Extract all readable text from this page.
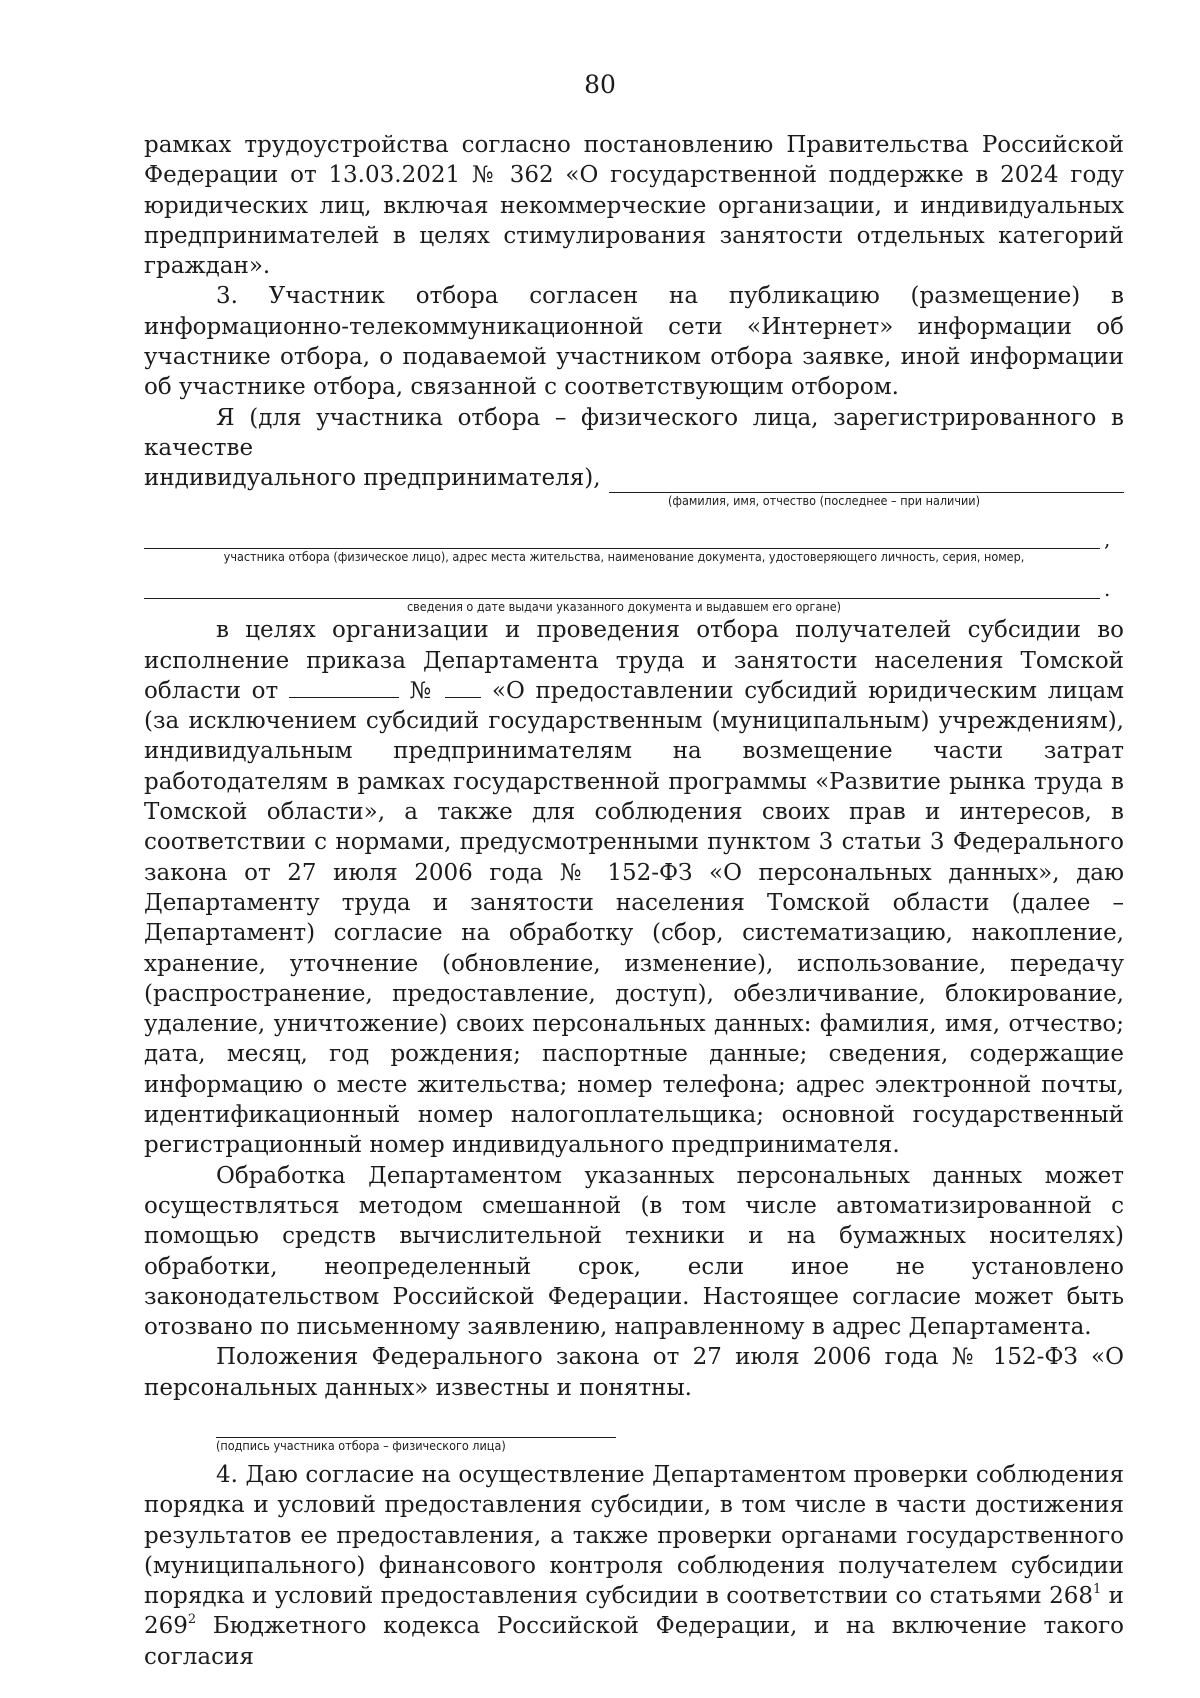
80

рамках трудоустройства согласно постановлению Правительства Российской Федерации от 13.03.2021 № 362 «О государственной поддержке в 2024 году юридических лиц, включая некоммерческие организации, и индивидуальных предпринимателей в целях стимулирования занятости отдельных категорий граждан».

3. Участник отбора согласен на публикацию (размещение) в информационно-телекоммуникационной сети «Интернет» информации об участнике отбора, о подаваемой участником отбора заявке, иной информации об участнике отбора, связанной с соответствующим отбором.

Я (для участника отбора – физического лица, зарегистрированного в качестве

индивидуального предпринимателя),
(фамилия, имя, отчество (последнее – при наличии)
,
участника отбора (физическое лицо), адрес места жительства, наименование документа, удостоверяющего личность, серия, номер,
.
сведения о дате выдачи указанного документа и выдавшем его органе)

в целях организации и проведения отбора получателей субсидии во исполнение приказа Департамента труда и занятости населения Томской области от	№ «О предоставлении субсидий юридическим лицам (за исключением субсидий государственным (муниципальным) учреждениям), индивидуальным предпринимателям на возмещение части затрат работодателям в рамках государственной программы «Развитие рынка труда в Томской области», а также для соблюдения своих прав и интересов, в соответствии с нормами, предусмотренными пунктом 3 статьи 3 Федерального закона от 27 июля 2006 года № 152-ФЗ «О персональных данных», даю Департаменту труда и занятости населения Томской области (далее – Департамент) согласие на обработку (сбор, систематизацию, накопление, хранение, уточнение (обновление, изменение), использование, передачу (распространение, предоставление, доступ), обезличивание, блокирование, удаление, уничтожение) своих персональных данных: фамилия, имя, отчество; дата, месяц, год рождения; паспортные данные; сведения, содержащие информацию о месте жительства; номер телефона; адрес электронной почты, идентификационный номер налогоплательщика; основной государственный регистрационный номер индивидуального предпринимателя.

Обработка Департаментом указанных персональных данных может осуществляться методом смешанной (в том числе автоматизированной с помощью средств вычислительной техники и на бумажных носителях) обработки, неопределенный срок, если иное не установлено законодательством Российской Федерации. Настоящее согласие может быть отозвано по письменному заявлению, направленному в адрес Департамента.

Положения Федерального закона от 27 июля 2006 года № 152-ФЗ «О персональных данных» известны и понятны.

(подпись участника отбора – физического лица)

4. Даю согласие на осуществление Департаментом проверки соблюдения порядка и условий предоставления субсидии, в том числе в части достижения результатов ее предоставления, а также проверки органами государственного (муниципального) финансового контроля соблюдения получателем субсидии порядка и условий предоставления субсидии в соответствии со статьями $268^1$ и $269^2$ Бюджетного кодекса Российской Федерации, и на включение такого согласия
